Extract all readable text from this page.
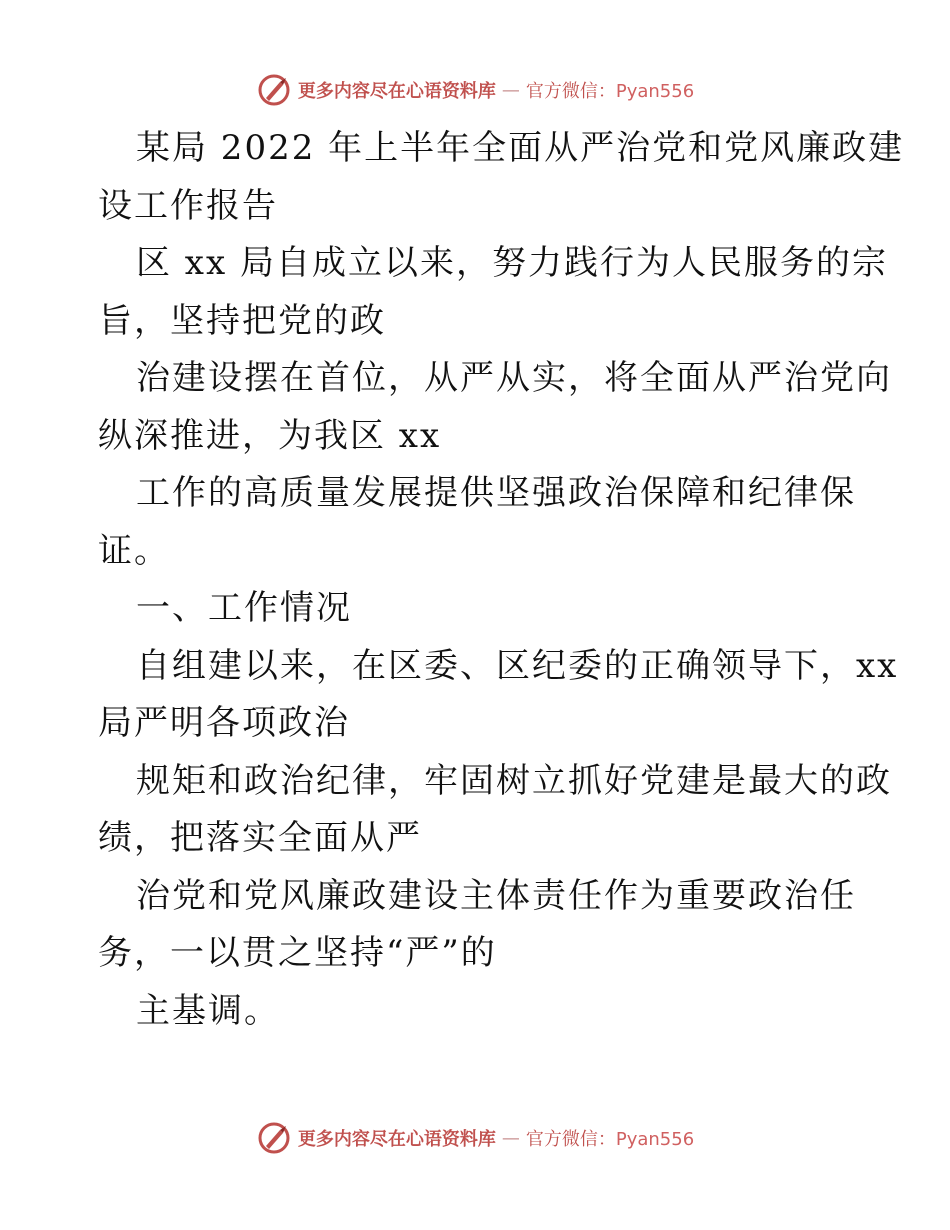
更多内容尽在心语资料库 — 官方微信：Pyan556
某局 2022 年上半年全面从严治党和党风廉政建
设工作报告
区 xx 局自成立以来，努力践行为人民服务的宗
旨，坚持把党的政
治建设摆在首位，从严从实，将全面从严治党向
纵深推进，为我区 xx
工作的高质量发展提供坚强政治保障和纪律保
证。
一、工作情况
自组建以来，在区委、区纪委的正确领导下，xx
局严明各项政治
规矩和政治纪律，牢固树立抓好党建是最大的政
绩，把落实全面从严
治党和党风廉政建设主体责任作为重要政治任
务，一以贯之坚持“严”的
主基调。
更多内容尽在心语资料库 — 官方微信：Pyan556
